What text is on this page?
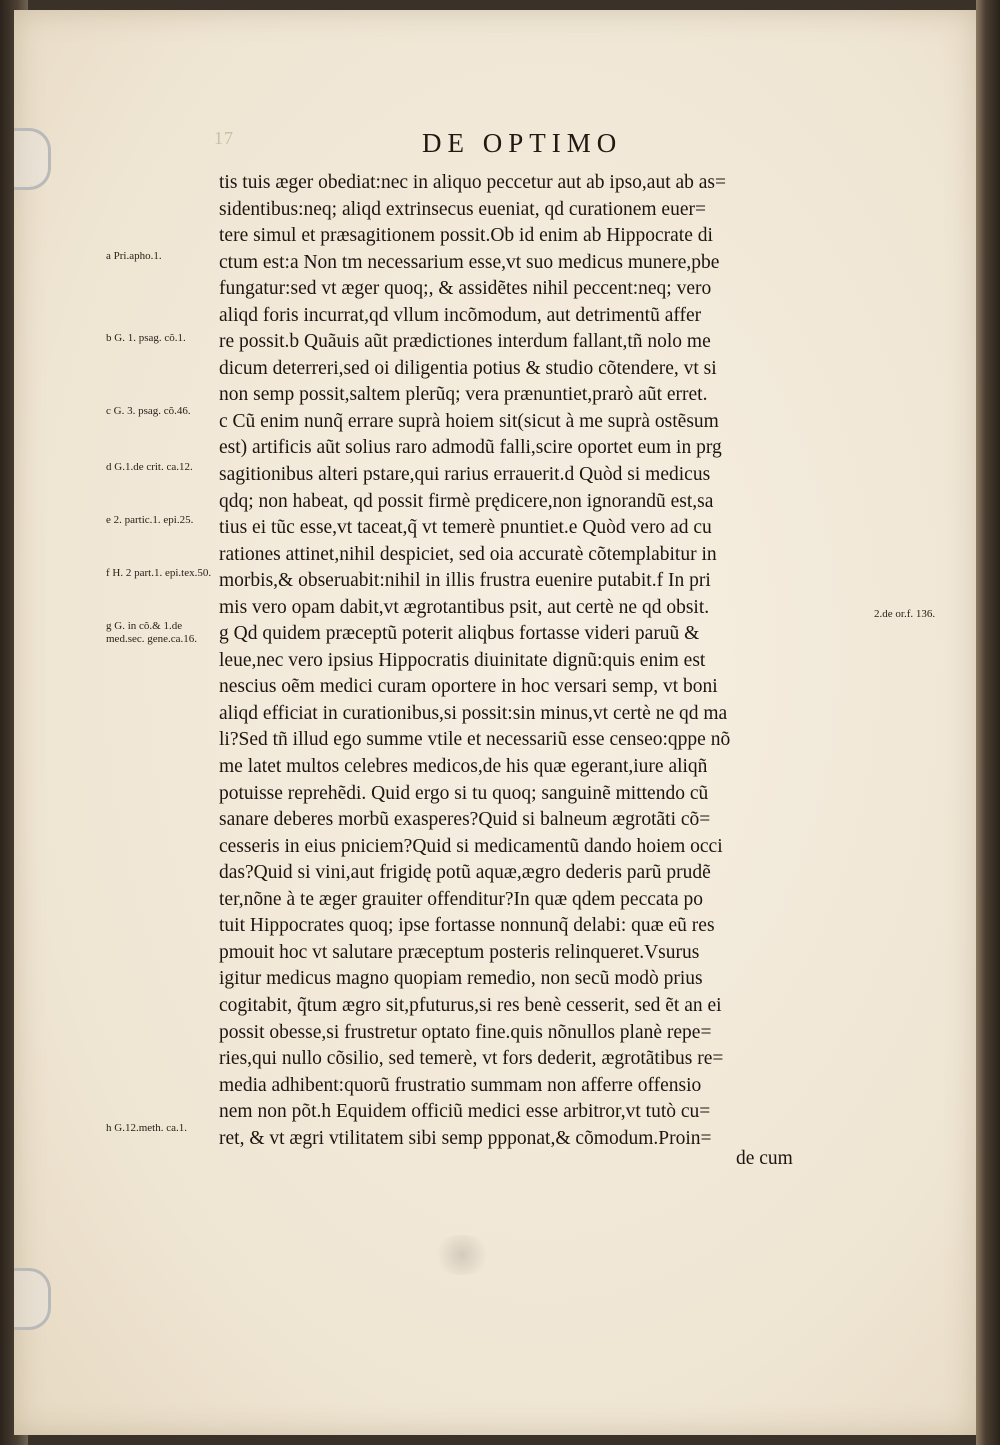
17	DE OPTIMO
tis tuis æger obediat:nec in aliquo peccetur aut ab ipso,aut ab as=
sidentibus:neq; aliqd extrinsecus eueniat, qd curationem euer=
tere simul et præsagitionem possit.Ob id enim ab Hippocrate di
ctum est:a Non tm necessarium esse,vt suo medicus munere,pbe
fungatur:sed vt æger quoq;, & assidẽtes nihil peccent:neq; vero
aliqd foris incurrat,qd vllum incõmodum, aut detrimentũ affer
re possit.b Quãuis aũt prædictiones interdum fallant,tñ nolo me
dicum deterreri,sed oi diligentia potius & studio cõtendere, vt si
non semp possit,saltem plerũq; vera prænuntiet,prarò aũt erret.
c Cũ enim nunq̃ errare suprà hoiem sit(sicut à me suprà ostẽsum
est) artificis aũt solius raro admodũ falli,scire oportet eum in prg
sagitionibus alteri pstare,qui rarius errauerit.d Quòd si medicus
qdq; non habeat, qd possit firmè prędicere,non ignorandũ est,sa
tius ei tũc esse,vt taceat,q̃ vt temerè pnuntiet.e Quòd vero ad cu
rationes attinet,nihil despiciet, sed oia accuratè cõtemplabitur in
morbis,& obseruabit:nihil in illis frustra euenire putabit.f In pri
mis vero opam dabit,vt ægrotantibus psit, aut certè ne qd obsit.
g Qd quidem præceptũ poterit aliqbus fortasse videri paruũ &
leue,nec vero ipsius Hippocratis diuinitate dignũ:quis enim est
nescius oẽm medici curam oportere in hoc versari semp, vt boni
aliqd efficiat in curationibus,si possit:sin minus,vt certè ne qd ma
li?Sed tñ illud ego summe vtile et necessariũ esse censeo:qppe nõ
me latet multos celebres medicos,de his quæ egerant,iure aliqñ
potuisse reprehẽdi. Quid ergo si tu quoq; sanguinẽ mittendo cũ
sanare deberes morbũ exasperes?Quid si balneum ægrotãti cõ=
cesseris in eius pniciem?Quid si medicamentũ dando hoiem occi
das?Quid si vini,aut frigidę potũ aquæ,ægro dederis parũ prudẽ
ter,nõne à te æger grauiter offenditur?In quæ qdem peccata po
tuit Hippocrates quoq; ipse fortasse nonnunq̃ delabi: quæ eũ res
pmouit hoc vt salutare præceptum posteris relinqueret.Vsurus
igitur medicus magno quopiam remedio, non secũ modò prius
cogitabit, q̃tum ægro sit,pfuturus,si res benè cesserit, sed ẽt an ei
possit obesse,si frustretur optato fine.quis nõnullos planè repe=
ries,qui nullo cõsilio, sed temerè, vt fors dederit, ægrotãtibus re=
media adhibent:quorũ frustratio summam non afferre offensio
nem non põt.h Equidem officiũ medici esse arbitror,vt tutò cu=
ret, & vt ægri vtilitatem sibi semp ppponat,& cõmodum.Proin=
de cum
a Pri.apho.1.
b G. 1. psag. cõ.1.
c G. 3. psag. cõ.46.
d G.1.de crit. ca.12.
e 2. partic.1. epi.25.
f H. 2 part.1. epi.tex.50.
g G. in cõ.& 1.de med.sec. gene.ca.16.
h G.12.meth. ca.1.
2.de or.f. 136.
